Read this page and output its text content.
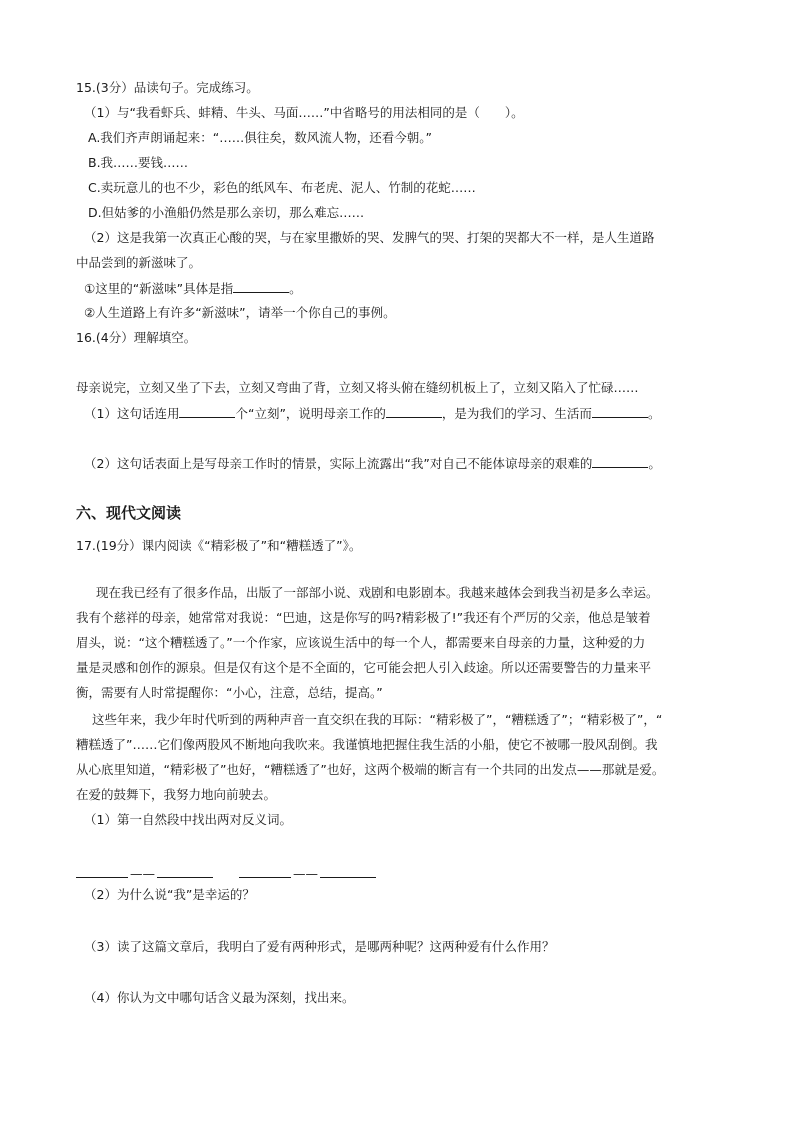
15.(3分）品读句子。完成练习。
（1）与“我看虾兵、蚌精、牛头、马面……”中省略号的用法相同的是（　　）。
A.我们齐声朗诵起来：“……俱往矣，数风流人物，还看今朝。”
B.我……要钱……
C.卖玩意儿的也不少，彩色的纸风车、布老虎、泥人、竹制的花蛇……
D.但姑爹的小渔船仍然是那么亲切，那么难忘……
（2）这是我第一次真正心酸的哭，与在家里撒娇的哭、发脾气的哭、打架的哭都大不一样，是人生道路
中品尝到的新滋味了。
①这里的“新滋味”具体是指	。
②人生道路上有许多“新滋味”，请举一个你自己的事例。
16.(4分）理解填空。
母亲说完，立刻又坐了下去，立刻又弯曲了背，立刻又将头俯在缝纫机板上了，立刻又陷入了忙碌……
（1）这句话连用	个“立刻”，说明母亲工作的	，是为我们的学习、生活而	。
（2）这句话表面上是写母亲工作时的情景，实际上流露出“我”对自己不能体谅母亲的艰难的	。
六、现代文阅读
17.(19分）课内阅读《“精彩极了”和“糟糕透了”》。
现在我已经有了很多作品，出版了一部部小说、戏剧和电影剧本。我越来越体会到我当初是多么幸运。
我有个慈祥的母亲，她常常对我说：“巴迪，这是你写的吗?精彩极了!”我还有个严厉的父亲，他总是皱着
眉头，说：“这个糟糕透了。”一个作家，应该说生活中的每一个人，都需要来自母亲的力量，这种爱的力
量是灵感和创作的源泉。但是仅有这个是不全面的，它可能会把人引入歧途。所以还需要警告的力量来平
衡，需要有人时常提醒你：“小心，注意，总结，提高。”
这些年来，我少年时代听到的两种声音一直交织在我的耳际：“精彩极了”，“糟糕透了”；“精彩极了”，“
糟糕透了”……它们像两股风不断地向我吹来。我谨慎地把握住我生活的小船，使它不被哪一股风刮倒。我
从心底里知道，“精彩极了”也好，“糟糕透了”也好，这两个极端的断言有一个共同的出发点——那就是爱。
在爱的鼓舞下，我努力地向前驶去。
（1）第一自然段中找出两对反义词。
——	——
（2）为什么说“我”是幸运的？
（3）读了这篇文章后，我明白了爱有两种形式，是哪两种呢？这两种爱有什么作用？
（4）你认为文中哪句话含义最为深刻，找出来。
